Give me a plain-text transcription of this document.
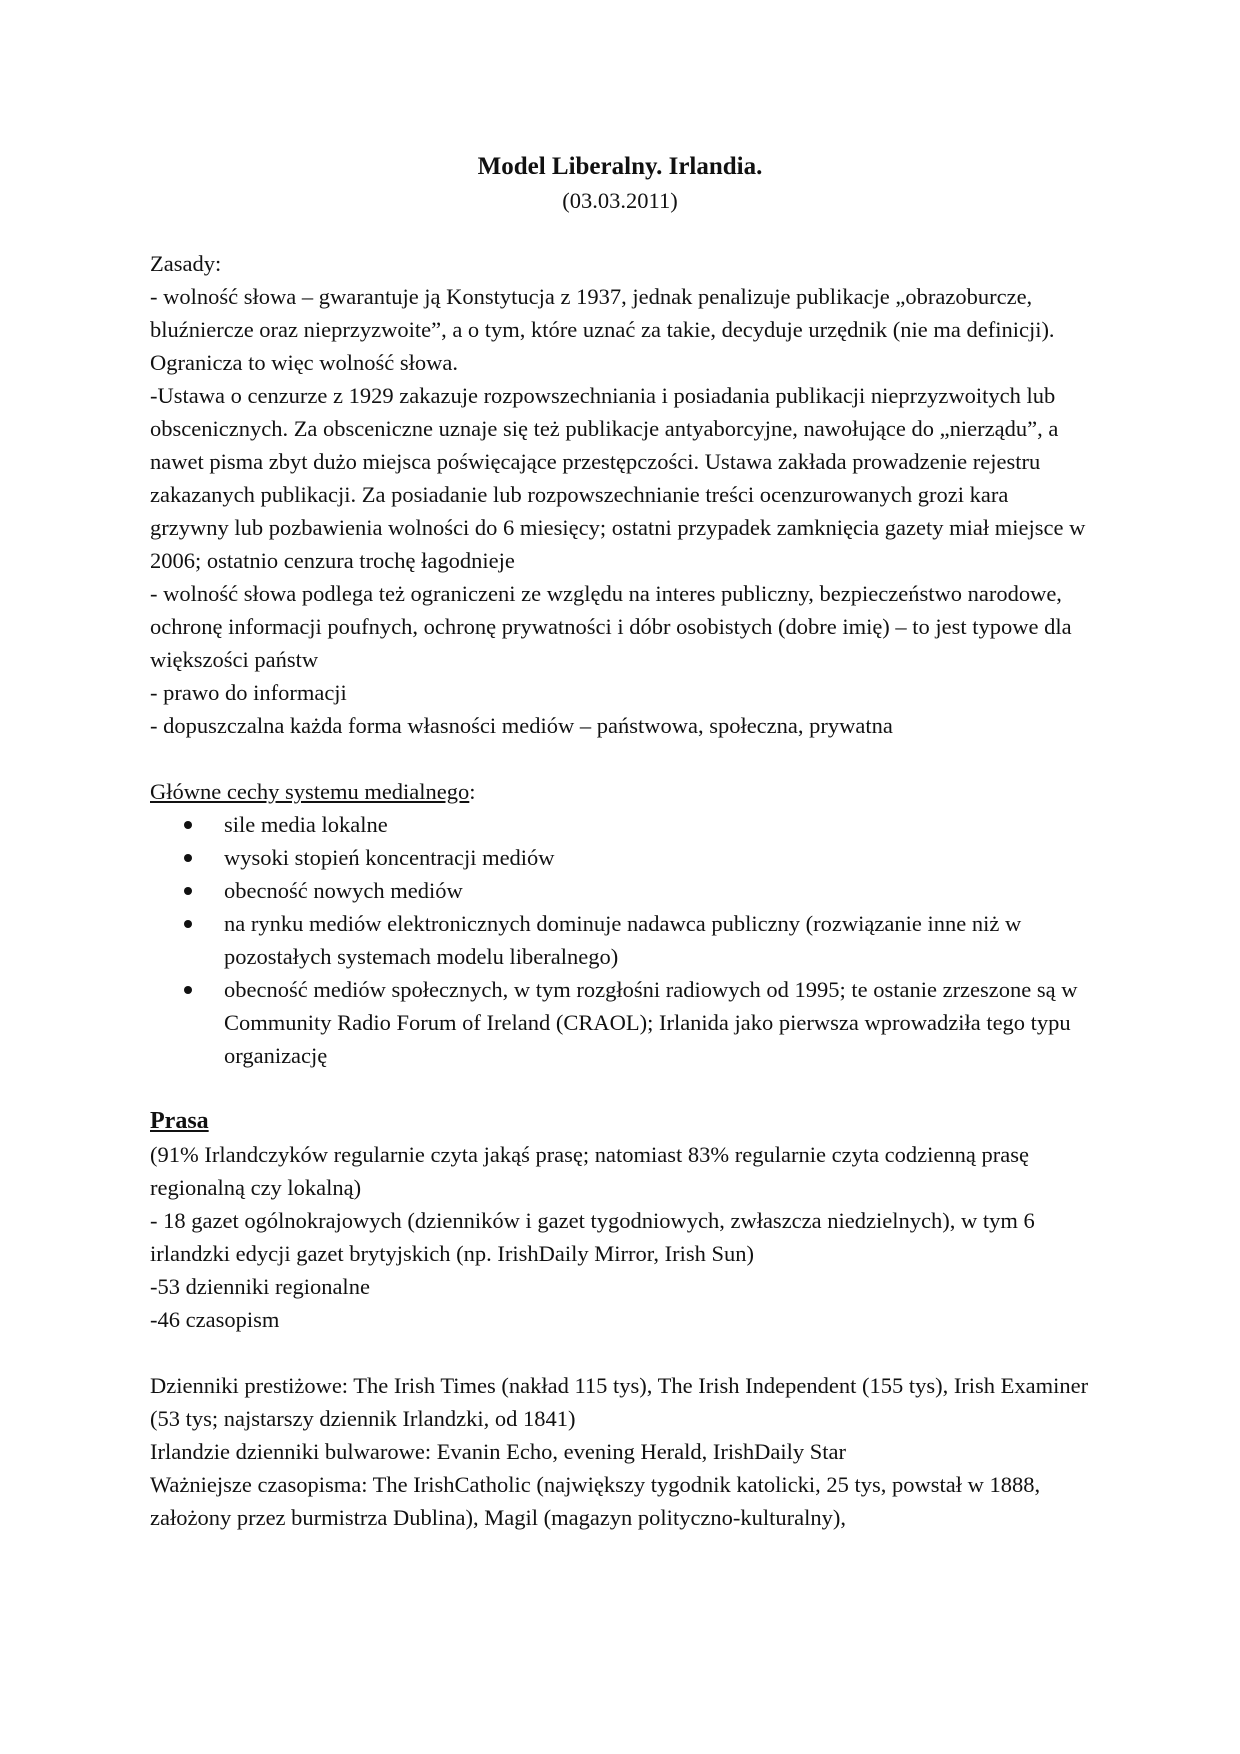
Model Liberalny. Irlandia.

(03.03.2011)

Zasady:

- wolność słowa – gwarantuje ją Konstytucja z 1937, jednak penalizuje publikacje „obrazoburcze, bluźniercze oraz nieprzyzwoite”, a o tym, które uznać za takie, decyduje urzędnik (nie ma definicji). Ogranicza to więc wolność słowa.

-Ustawa o cenzurze z 1929 zakazuje rozpowszechniania i posiadania publikacji nieprzyzwoitych lub obscenicznych. Za obsceniczne uznaje się też publikacje antyaborcyjne, nawołujące do „nierządu”, a nawet pisma zbyt dużo miejsca poświęcające przestępczości. Ustawa zakłada prowadzenie rejestru zakazanych publikacji. Za posiadanie lub rozpowszechnianie treści ocenzurowanych grozi kara grzywny lub pozbawienia wolności do 6 miesięcy; ostatni przypadek zamknięcia gazety miał miejsce w 2006; ostatnio cenzura trochę łagodnieje

- wolność słowa podlega też ograniczeni ze względu na interes publiczny, bezpieczeństwo narodowe, ochronę informacji poufnych, ochronę prywatności i dóbr osobistych (dobre imię) – to jest typowe dla większości państw

- prawo do informacji

- dopuszczalna każda forma własności mediów – państwowa, społeczna, prywatna

Główne cechy systemu medialnego:

sile media lokalne
wysoki stopień koncentracji mediów
obecność nowych mediów
na rynku mediów elektronicznych dominuje nadawca publiczny (rozwiązanie inne niż w pozostałych systemach modelu liberalnego)
obecność mediów społecznych, w tym rozgłośni radiowych od 1995; te ostanie zrzeszone są w Community Radio Forum of Ireland (CRAOL); Irlanida jako pierwsza wprowadziła tego typu organizację

Prasa

(91% Irlandczyków regularnie czyta jakąś prasę; natomiast 83% regularnie czyta codzienną prasę regionalną czy lokalną)

- 18 gazet ogólnokrajowych (dzienników i gazet tygodniowych, zwłaszcza niedzielnych), w tym 6 irlandzki edycji gazet brytyjskich (np. IrishDaily Mirror, Irish Sun)

-53 dzienniki regionalne

-46 czasopism

Dzienniki prestiżowe: The Irish Times (nakład 115 tys), The Irish Independent (155 tys), Irish Examiner (53 tys; najstarszy dziennik Irlandzki, od 1841)

Irlandzie dzienniki bulwarowe: Evanin Echo, evening Herald, IrishDaily Star

Ważniejsze czasopisma: The IrishCatholic (największy tygodnik katolicki, 25 tys, powstał w 1888, założony przez burmistrza Dublina), Magil (magazyn polityczno-kulturalny),
